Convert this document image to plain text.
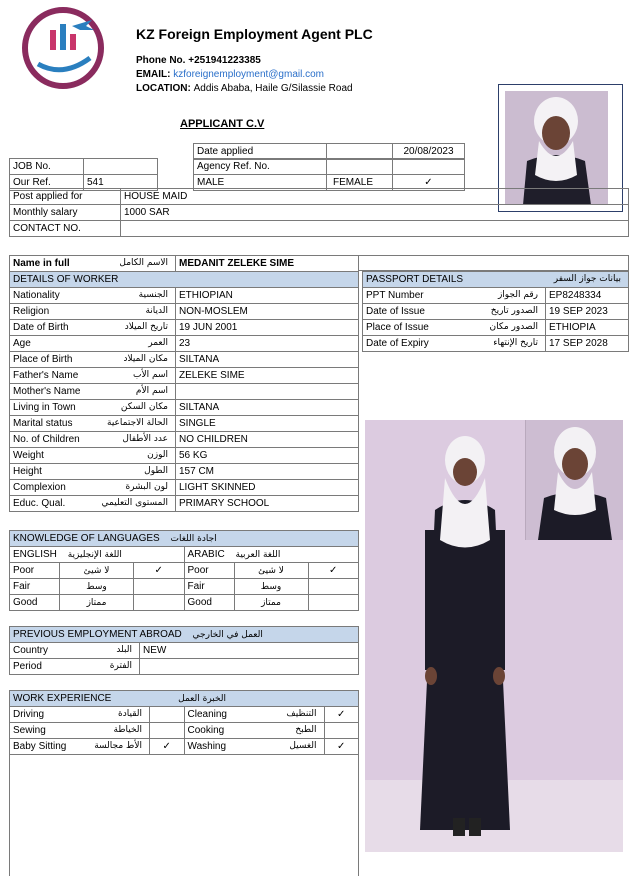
KZ Foreign Employment Agent PLC
Phone No. +251941223385
EMAIL: kzforeignemployment@gmail.com
LOCATION: Addis Ababa, Haile G/Silassie Road
APPLICANT C.V
Date applied		20/08/2023
JOB No.			Agency Ref. No.		
Our Ref.	541		MALE	FEMALE	✓
Post applied for	HOUSE MAID
Monthly salary	1000 SAR
CONTACT NO.	
Name in full	الاسم الكامل	MEDANIT ZELEKE SIME
DETAILS OF WORKER	
Nationality الجنسية	ETHIOPIAN
Religion الديانة	NON-MOSLEM
Date of Birth تاريخ الميلاد	19 JUN 2001
Age العمر	23
Place of Birth مكان الميلاد	SILTANA
Father's Name اسم الأب	ZELEKE SIME
Mother's Name اسم الأم	

Living in Town مكان السكن	SILTANA
Marital status الحالة الاجتماعية	SINGLE
No. of Children عدد الأطفال	NO CHILDREN
Weight الوزن	56 KG
Height الطول	157 CM
Complexion لون البشرة	LIGHT SKINNED
Educ. Qual. المستوى التعليمي	PRIMARY SCHOOL
PASSPORT DETAILS بيانات جواز السفر	

PPT Number رقم الجواز	EP8248334
Date of Issue الصدور تاريخ	19 SEP 2023
Place of Issue الصدور مكان	ETHIOPIA
Date of Expiry تاريخ الإنتهاء	17 SEP 2028
KNOWLEDGE OF LANGUAGES اجادة اللغات					
ENGLISH اللغة الإنجليزية			ARABIC اللغة العربية		
Poor	لا شيئ	✓	Poor	لا شيئ	✓
Fair	وسط		Fair	وسط	
Good	ممتاز		Good	ممتاز	
PREVIOUS EMPLOYMENT ABROAD العمل في الخارجي	
Country البلد	NEW
Period الفترة	

WORK EXPERIENCE الخبرة العمل			
Driving القيادة		Cleaning التنظيف	✓
Sewing الخياطة		Cooking الطبخ	

Baby Sitting الأط مجالسة	✓	Washing الغسيل	✓
